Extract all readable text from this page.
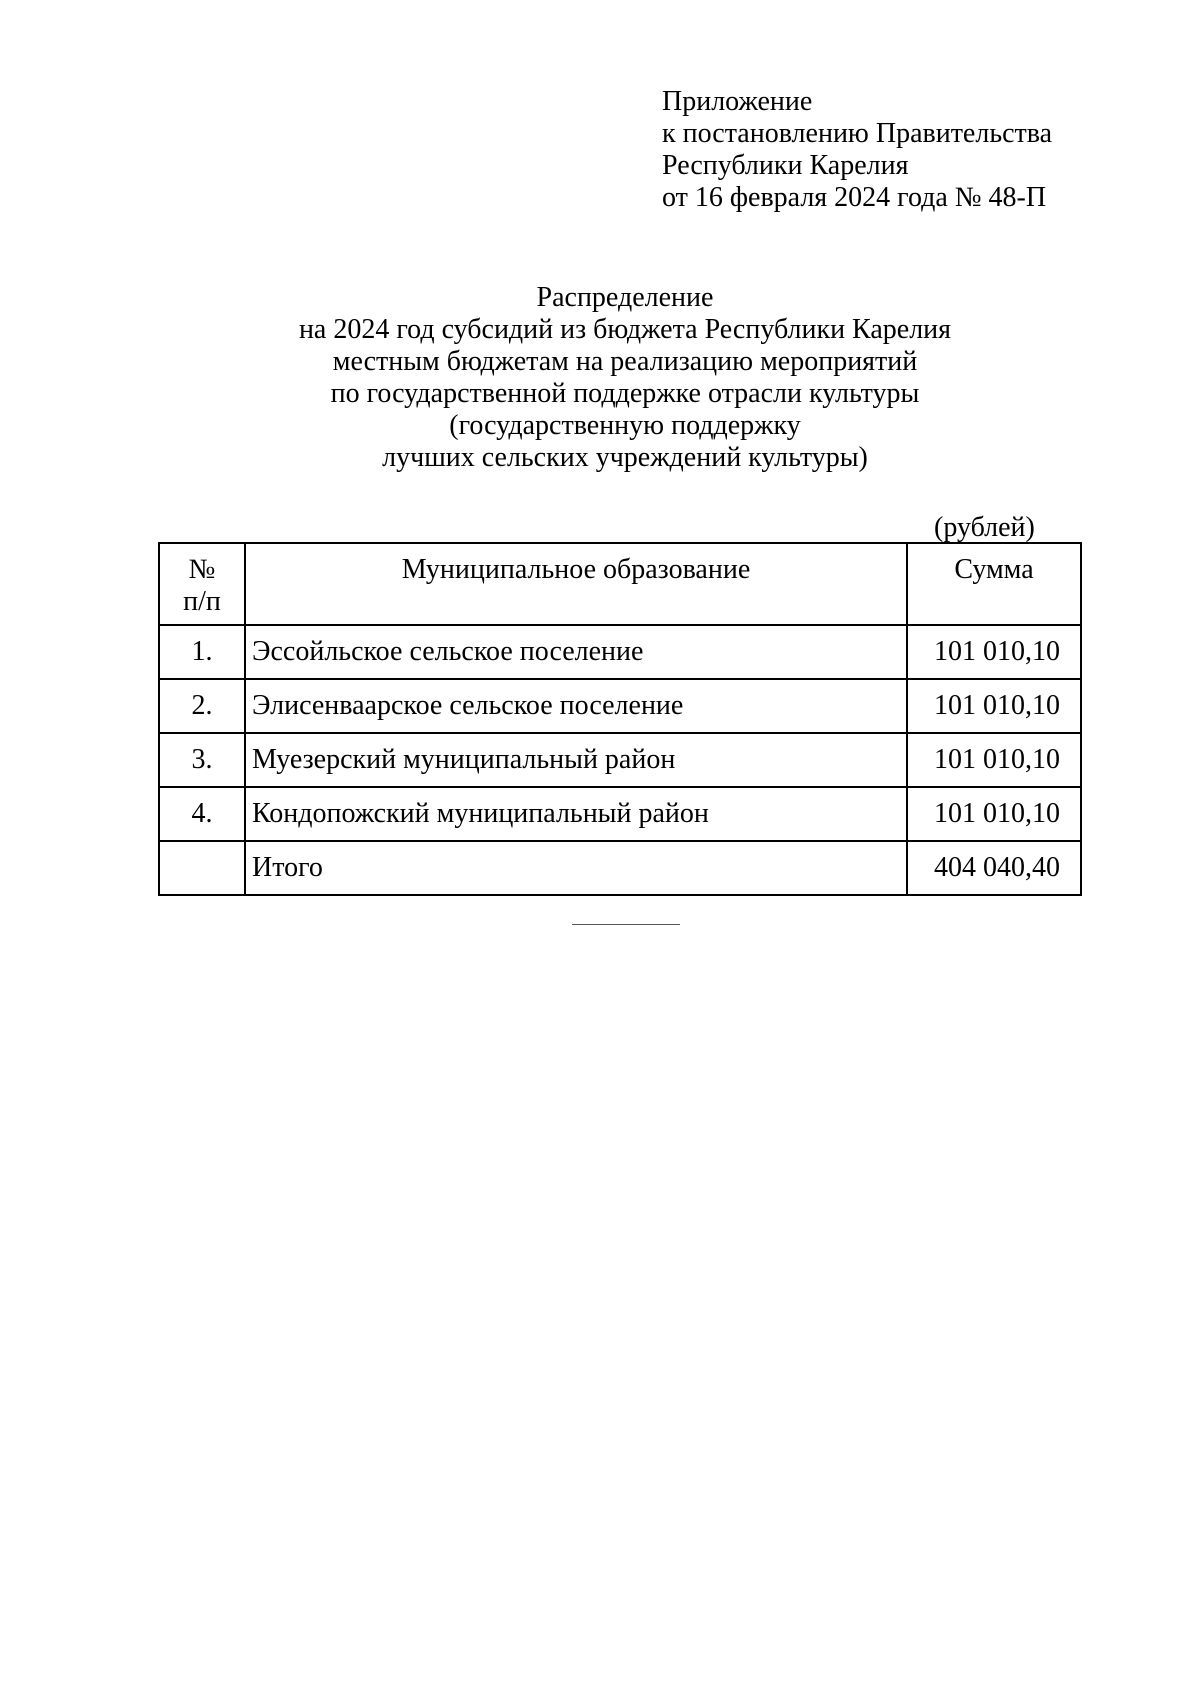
Приложение
к постановлению Правительства
Республики Карелия
от 16 февраля 2024 года № 48-П
Распределение
на 2024 год субсидий из бюджета Республики Карелия
местным бюджетам на реализацию мероприятий
по государственной поддержке отрасли культуры
(государственную поддержку
лучших сельских учреждений культуры)
(рублей)
№
п/п	Муниципальное образование	Сумма
1.	Эссойльское сельское поселение	101 010,10
2.	Элисенваарское сельское поселение	101 010,10
3.	Муезерский муниципальный район	101 010,10
4.	Кондопожский муниципальный район	101 010,10
	Итого	404 040,40
